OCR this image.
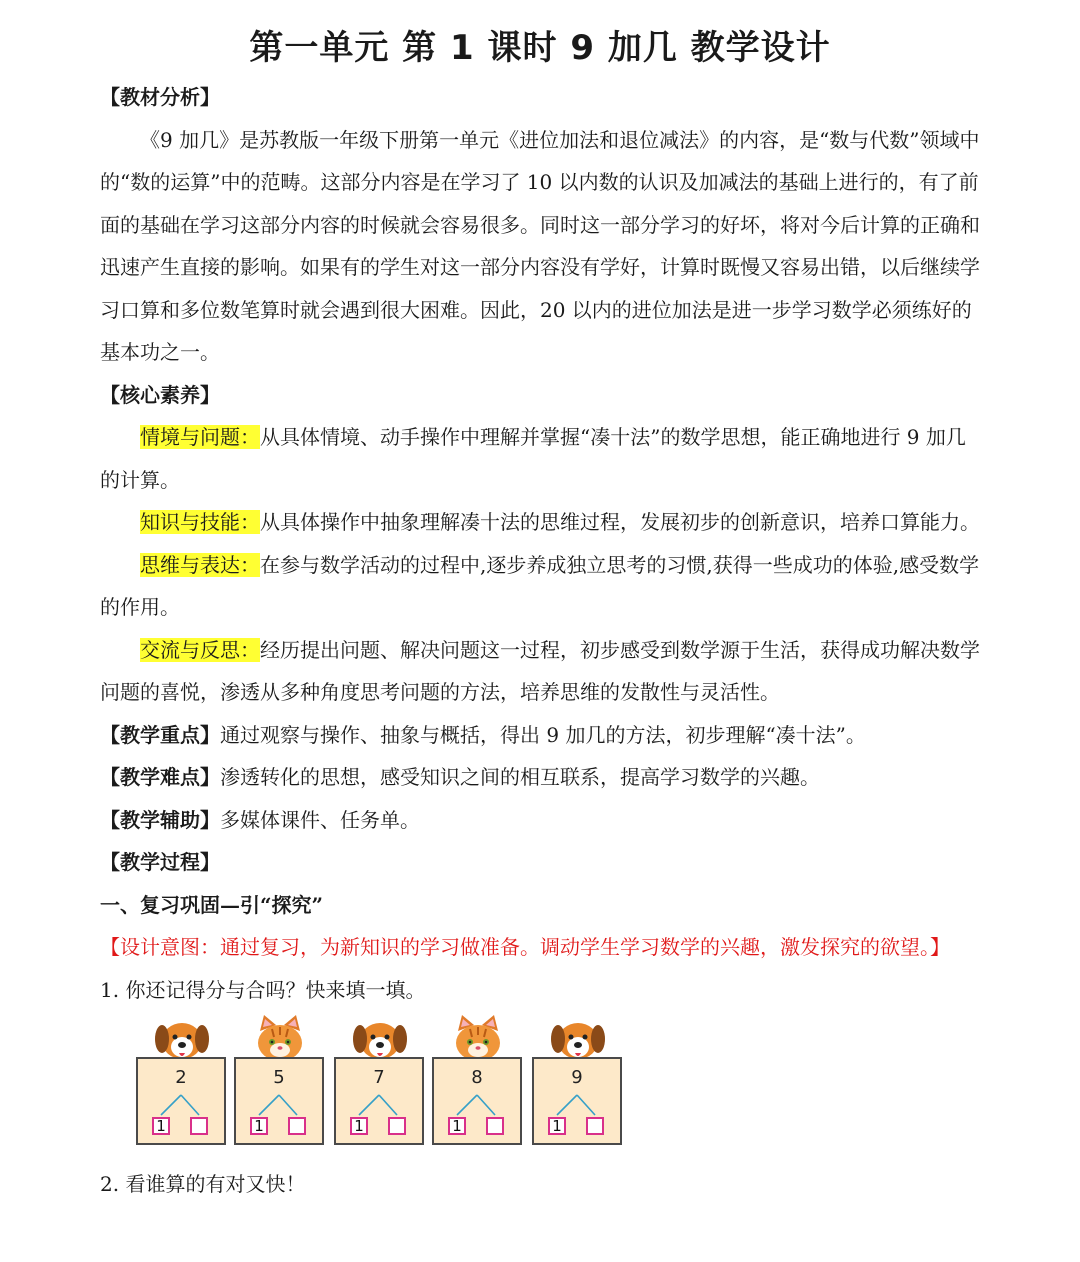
第一单元 第 1 课时 9 加几 教学设计

【教材分析】

《9 加几》是苏教版一年级下册第一单元《进位加法和退位减法》的内容，是“数与代数”领域中的“数的运算”中的范畴。这部分内容是在学习了 10 以内数的认识及加减法的基础上进行的，有了前面的基础在学习这部分内容的时候就会容易很多。同时这一部分学习的好坏，将对今后计算的正确和迅速产生直接的影响。如果有的学生对这一部分内容没有学好，计算时既慢又容易出错，以后继续学习口算和多位数笔算时就会遇到很大困难。因此，20 以内的进位加法是进一步学习数学必须练好的基本功之一。

【核心素养】

情境与问题：从具体情境、动手操作中理解并掌握“凑十法”的数学思想，能正确地进行 9 加几的计算。

知识与技能：从具体操作中抽象理解凑十法的思维过程，发展初步的创新意识，培养口算能力。

思维与表达：在参与数学活动的过程中,逐步养成独立思考的习惯,获得一些成功的体验,感受数学的作用。

交流与反思：经历提出问题、解决问题这一过程，初步感受到数学源于生活，获得成功解决数学问题的喜悦，渗透从多种角度思考问题的方法，培养思维的发散性与灵活性。

【教学重点】通过观察与操作、抽象与概括，得出 9 加几的方法，初步理解“凑十法”。

【教学难点】渗透转化的思想，感受知识之间的相互联系，提高学习数学的兴趣。

【教学辅助】多媒体课件、任务单。

【教学过程】

一、复习巩固—引“探究”

【设计意图：通过复习，为新知识的学习做准备。调动学生学习数学的兴趣，激发探究的欲望。】

1. 你还记得分与合吗？快来填一填。

2
1
5
1
7
1
8
1
9
1

2. 看谁算的有对又快！
